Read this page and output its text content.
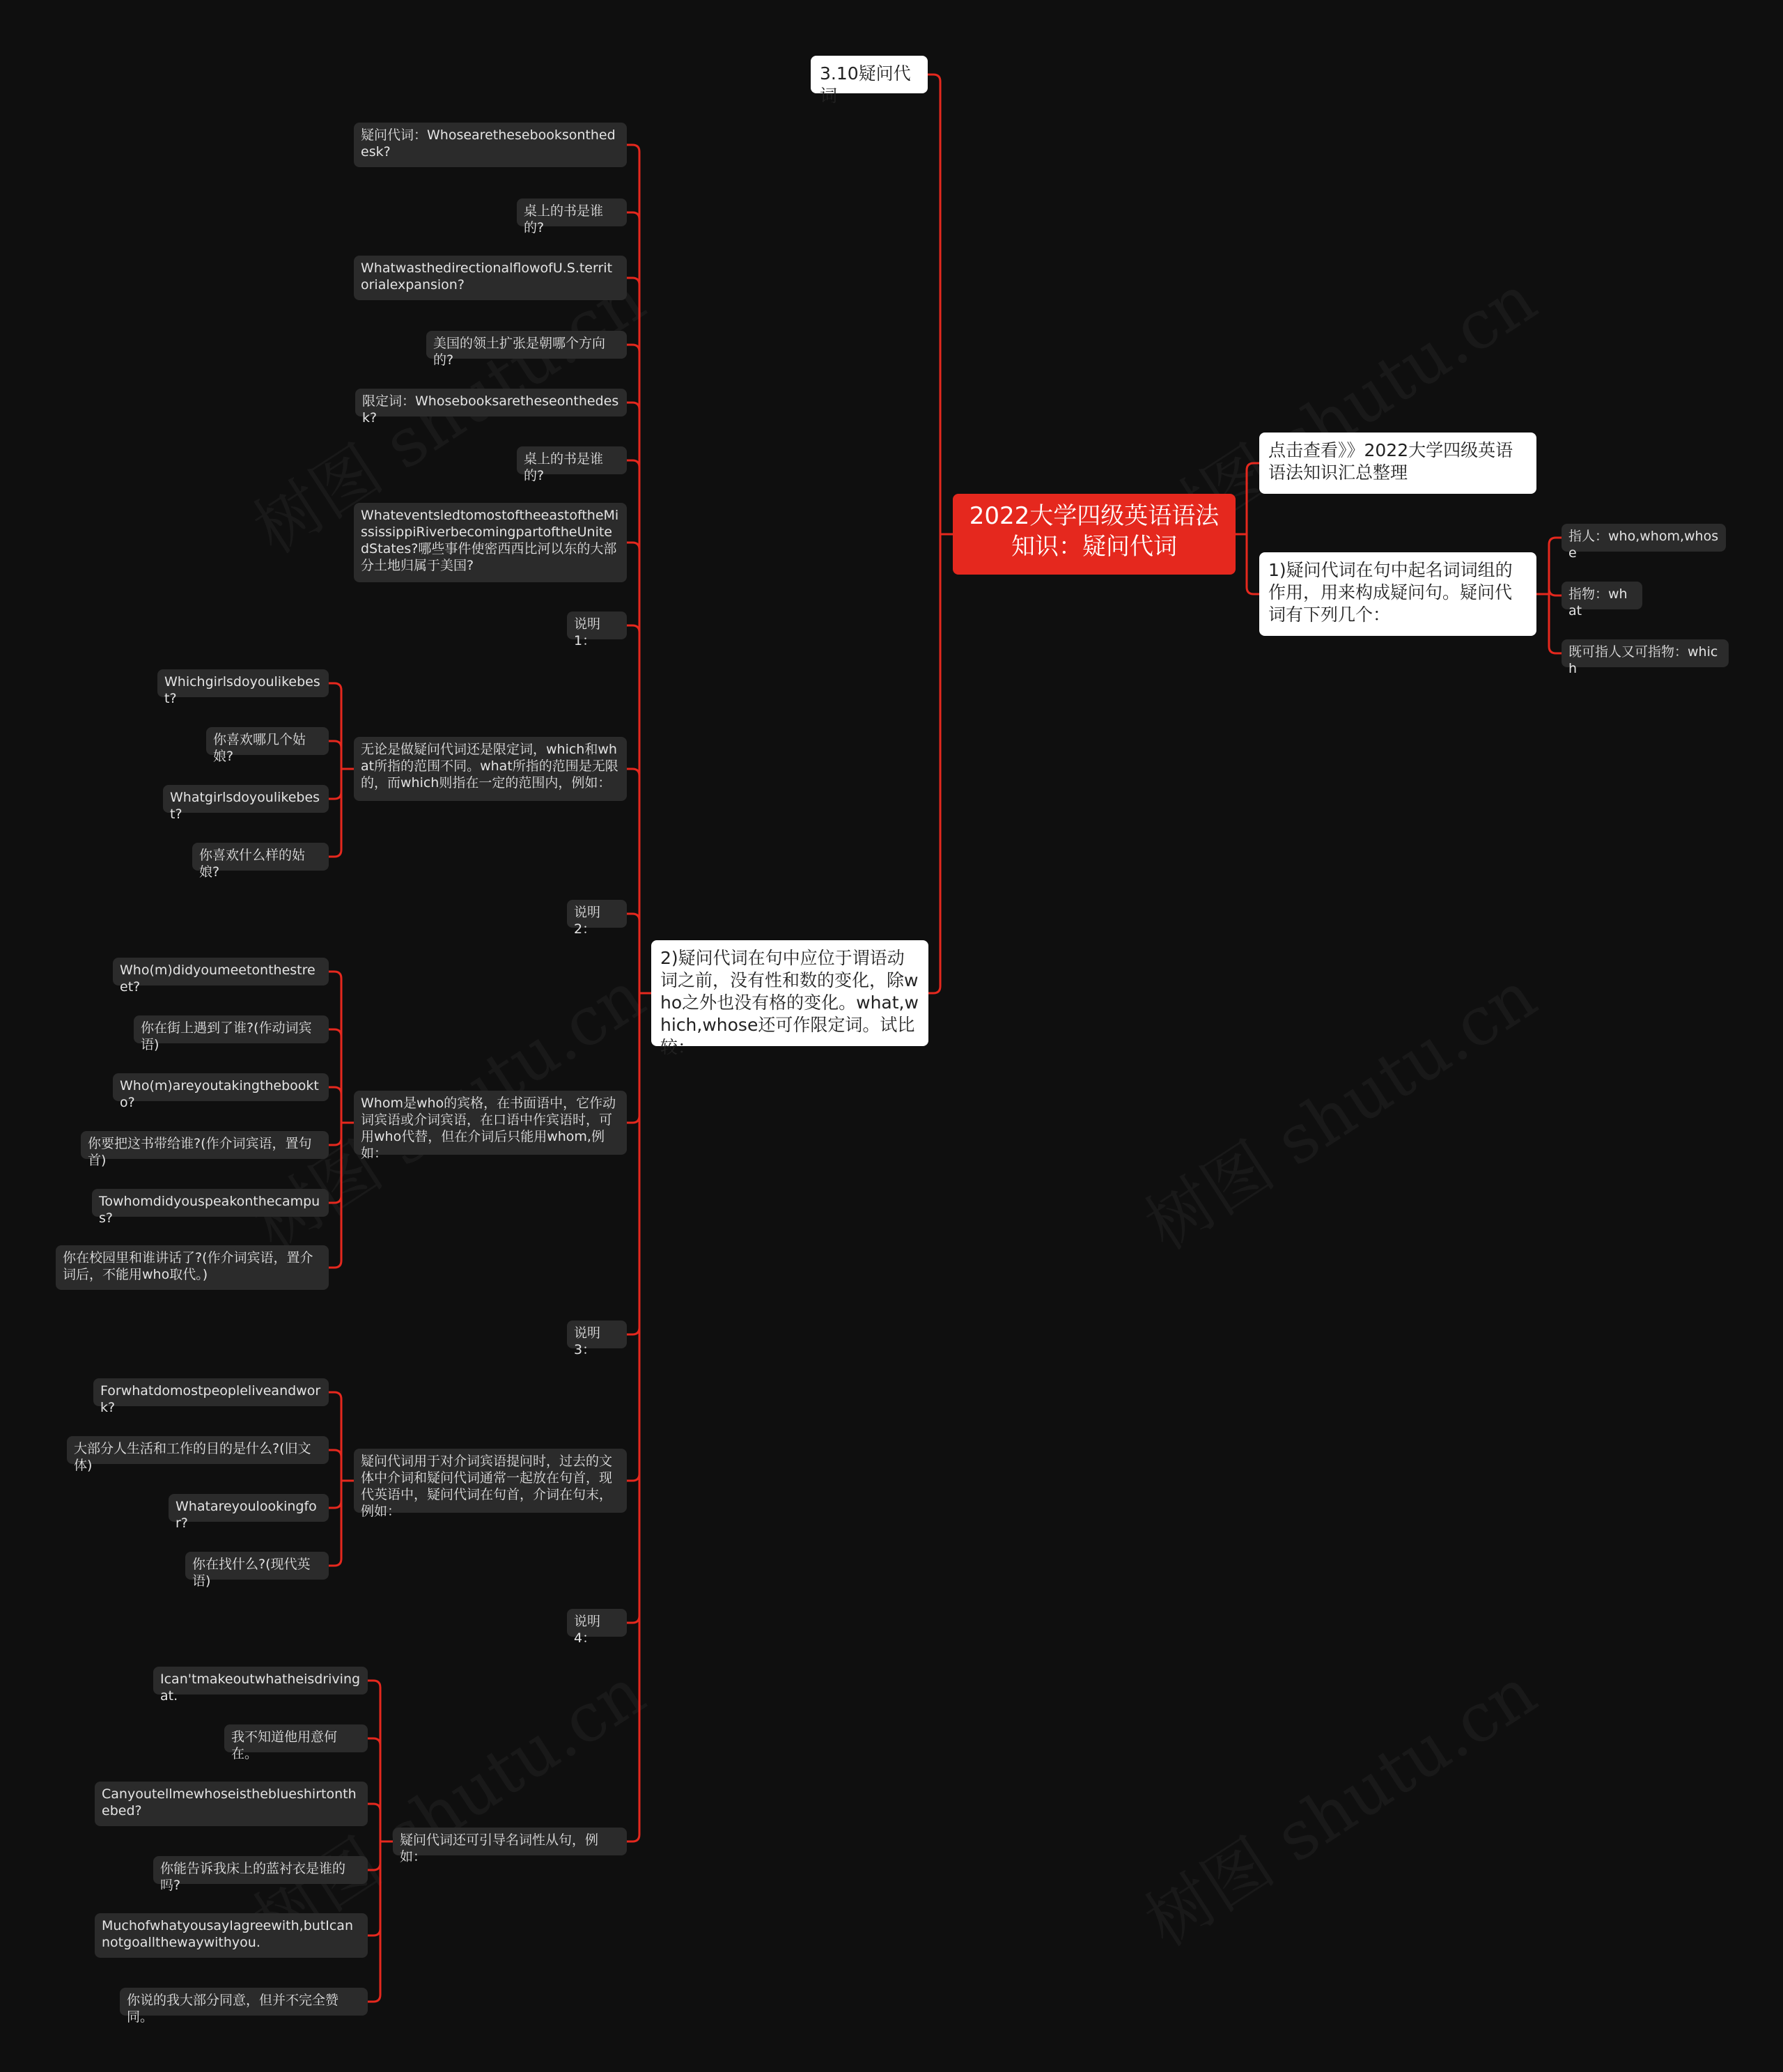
2022大学四级英语语法知识：疑问代词
点击查看》》2022大学四级英语语法知识汇总整理
1)疑问代词在句中起名词词组的作用，用来构成疑问句。疑问代词有下列几个：
指人：who,whom,whose
指物：what
既可指人又可指物：which
3.10疑问代词
2)疑问代词在句中应位于谓语动词之前，没有性和数的变化，除who之外也没有格的变化。what,which,whose还可作限定词。试比较：
疑问代词：Whosearethesebooksonthedesk?
桌上的书是谁的?
WhatwasthedirectionalflowofU.S.territorialexpansion?
美国的领土扩张是朝哪个方向的?
限定词：Whosebooksaretheseonthedesk?
桌上的书是谁的?
WhateventsledtomostoftheeastoftheMississippiRiverbecomingpartoftheUnitedStates?哪些事件使密西西比河以东的大部分土地归属于美国?
说明1：
无论是做疑问代词还是限定词，which和what所指的范围不同。what所指的范围是无限的，而which则指在一定的范围内，例如：
说明2：
Whom是who的宾格，在书面语中，它作动词宾语或介词宾语，在口语中作宾语时，可用who代替，但在介词后只能用whom,例如：
说明3：
疑问代词用于对介词宾语提问时，过去的文体中介词和疑问代词通常一起放在句首，现代英语中，疑问代词在句首，介词在句末，例如：
说明4：
疑问代词还可引导名词性从句，例如：
Whichgirlsdoyoulikebest?
你喜欢哪几个姑娘?
Whatgirlsdoyoulikebest?
你喜欢什么样的姑娘?
Who(m)didyoumeetonthestreet?
你在街上遇到了谁?(作动词宾语)
Who(m)areyoutakingthebookto?
你要把这书带给谁?(作介词宾语，置句首)
Towhomdidyouspeakonthecampus?
你在校园里和谁讲话了?(作介词宾语，置介词后，不能用who取代。)
Forwhatdomostpeopleliveandwork?
大部分人生活和工作的目的是什么?(旧文体)
Whatareyoulookingfor?
你在找什么?(现代英语)
Ican'tmakeoutwhatheisdrivingat.
我不知道他用意何在。
Canyoutellmewhoseistheblueshirtonthebed?
你能告诉我床上的蓝衬衣是谁的吗?
MuchofwhatyousayIagreewith,butIcannotgoallthewaywithyou.
你说的我大部分同意，但并不完全赞同。
